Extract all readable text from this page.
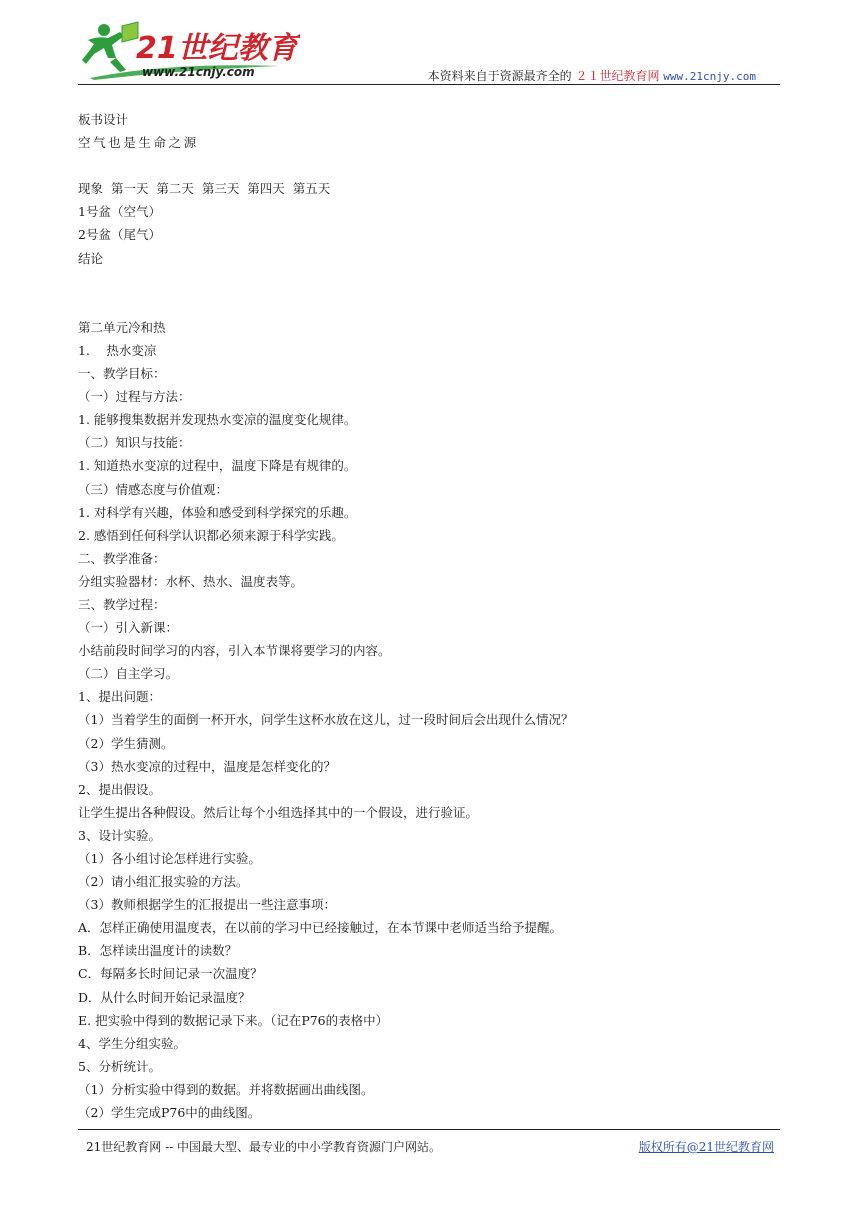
21世纪教育
www.21cnjy.com	本资料来自于资源最齐全的 ２１世纪教育网 www.21cnjy.com
板书设计
空气也是生命之源
现象  第一天  第二天  第三天  第四天  第五天
1号盆（空气）
2号盆（尾气）
结论
第二单元冷和热
1.　 热水变凉
一、教学目标：
（一）过程与方法：
1. 能够搜集数据并发现热水变凉的温度变化规律。
（二）知识与技能：
1. 知道热水变凉的过程中，温度下降是有规律的。
（三）情感态度与价值观：
1. 对科学有兴趣，体验和感受到科学探究的乐趣。
2. 感悟到任何科学认识都必须来源于科学实践。
二、教学准备：
分组实验器材：水杯、热水、温度表等。
三、教学过程：
（一）引入新课：
小结前段时间学习的内容，引入本节课将要学习的内容。
（二）自主学习。
1、提出问题：
（1）当着学生的面倒一杯开水，问学生这杯水放在这儿，过一段时间后会出现什么情况？
（2）学生猜测。
（3）热水变凉的过程中，温度是怎样变化的？
2、提出假设。
让学生提出各种假设。然后让每个小组选择其中的一个假设，进行验证。
3、设计实验。
（1）各小组讨论怎样进行实验。
（2）请小组汇报实验的方法。
（3）教师根据学生的汇报提出一些注意事项：
A．怎样正确使用温度表，在以前的学习中已经接触过，在本节课中老师适当给予提醒。
B．怎样读出温度计的读数？
C．每隔多长时间记录一次温度？
D．从什么时间开始记录温度？
E. 把实验中得到的数据记录下来。（记在P76的表格中）
4、学生分组实验。
5、分析统计。
（1）分析实验中得到的数据。并将数据画出曲线图。
（2）学生完成P76中的曲线图。
21世纪教育网 -- 中国最大型、最专业的中小学教育资源门户网站。	版权所有@21世纪教育网
